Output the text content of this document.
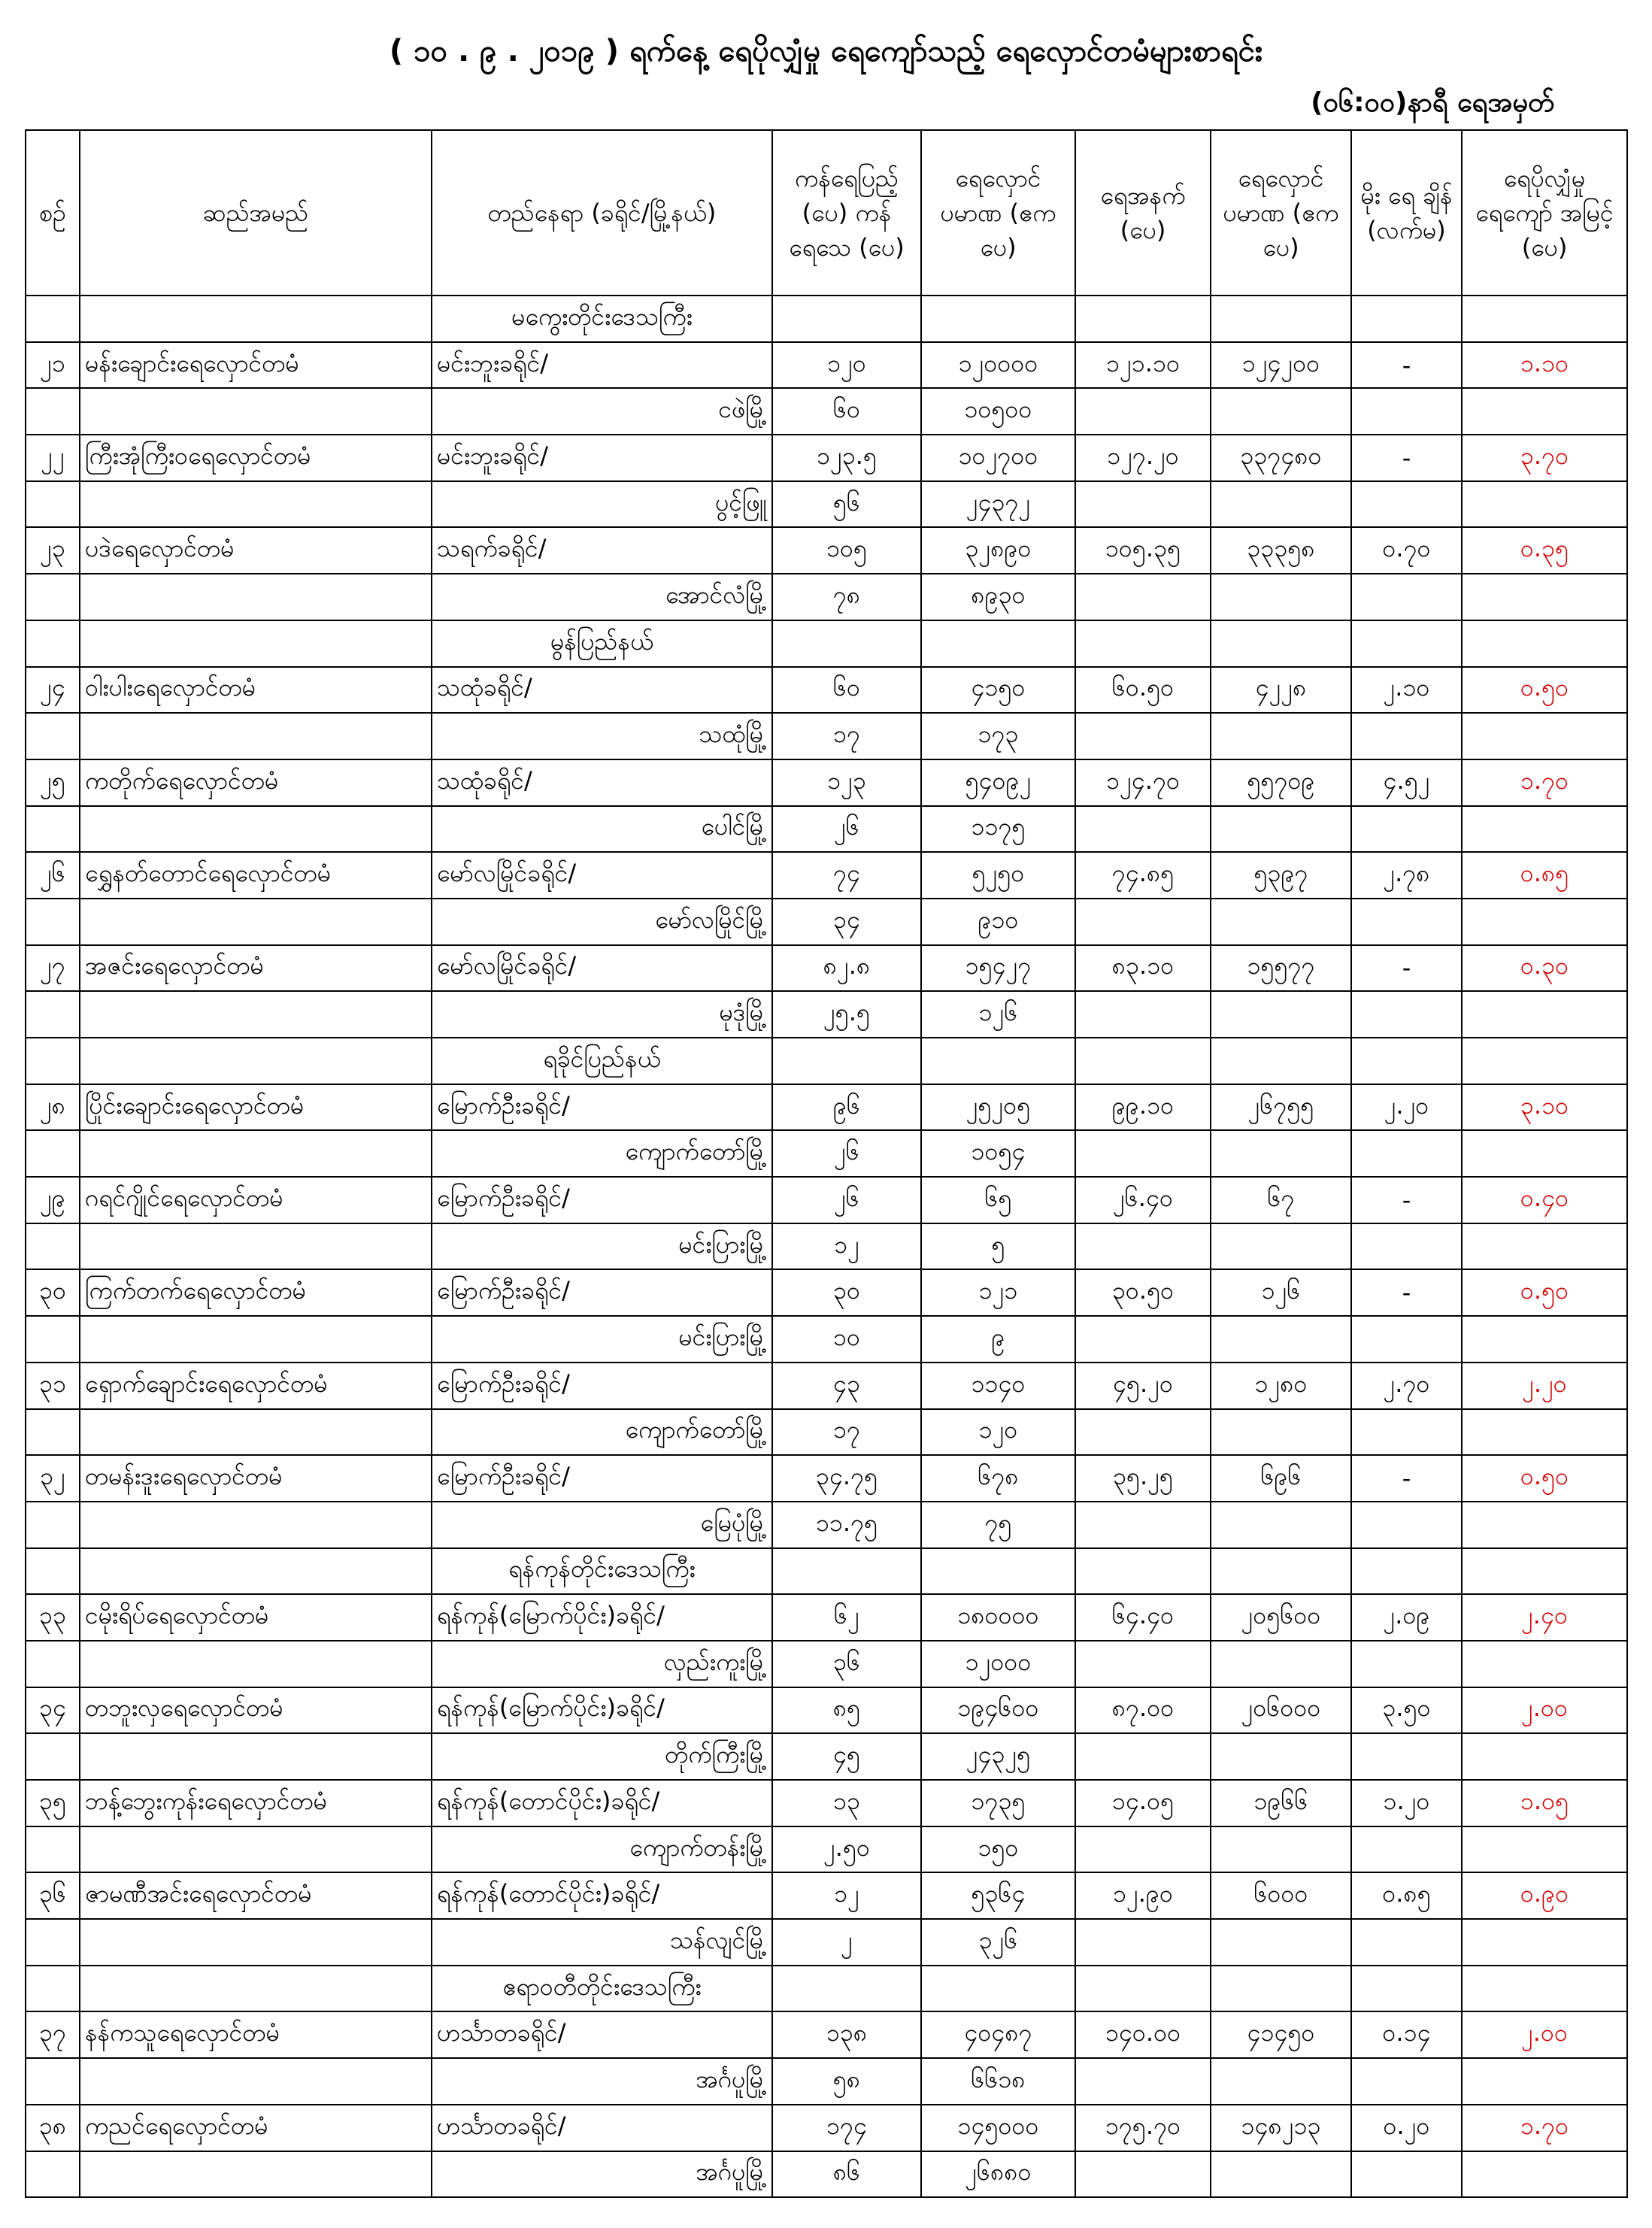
( ၁၀ . ၉ . ၂၀၁၉ ) ရက်နေ့ ရေပိုလျှံမှု ရေကျော်သည့် ရေလှောင်တမံများစာရင်း
(၀၆:၀၀)နာရီ ရေအမှတ်
စဉ်	ဆည်အမည်	တည်နေရာ (ခရိုင်/မြို့နယ်)	ကန်ရေပြည့် (ပေ) ကန်ရေသေ (ပေ)	ရေလှောင် ပမာဏ (ဧကပေ)	ရေအနက် (ပေ)	ရေလှောင် ပမာဏ (ဧကပေ)	မိုး ရေ ချိန် (လက်မ)	ရေပိုလျှံမှု ရေကျော် အမြင့် (ပေ)
		မကွေးတိုင်းဒေသကြီး						
၂၁	မန်းချောင်းရေလှောင်တမံ	မင်းဘူးခရိုင်/	၁၂၀	၁၂၀၀၀၀	၁၂၁.၁၀	၁၂၄၂၀၀	-	၁.၁၀
		ငဖဲမြို့	၆၀	၁၀၅၀၀				
၂၂	ကြီးအုံကြီးဝရေလှောင်တမံ	မင်းဘူးခရိုင်/	၁၂၃.၅	၁၀၂၇၀၀	၁၂၇.၂၀	၃၃၇၄၈၀	-	၃.၇၀
		ပွင့်ဖြူ	၅၆	၂၄၃၇၂				
၂၃	ပဒဲရေလှောင်တမံ	သရက်ခရိုင်/	၁၀၅	၃၂၈၉၀	၁၀၅.၃၅	၃၃၃၅၈	၀.၇၀	၀.၃၅
		အောင်လံမြို့	၇၈	၈၉၃၀				
		မွန်ပြည်နယ်						
၂၄	ဝါးပါးရေလှောင်တမံ	သထုံခရိုင်/	၆၀	၄၁၅၀	၆၀.၅၀	၄၂၂၈	၂.၁၀	၀.၅၀
		သထုံမြို့	၁၇	၁၇၃				
၂၅	ကတိုက်ရေလှောင်တမံ	သထုံခရိုင်/	၁၂၃	၅၄၀၉၂	၁၂၄.၇၀	၅၅၇၀၉	၄.၅၂	၁.၇၀
		ပေါင်မြို့	၂၆	၁၁၇၅				
၂၆	ရွှေနတ်တောင်ရေလှောင်တမံ	မော်လမြိုင်ခရိုင်/	၇၄	၅၂၅၀	၇၄.၈၅	၅၃၉၇	၂.၇၈	၀.၈၅
		မော်လမြိုင်မြို့	၃၄	၉၁၀				
၂၇	အဇင်းရေလှောင်တမံ	မော်လမြိုင်ခရိုင်/	၈၂.၈	၁၅၄၂၇	၈၃.၁၀	၁၅၅၇၇	-	၀.၃၀
		မုဒုံမြို့	၂၅.၅	၁၂၆				
		ရခိုင်ပြည်နယ်						
၂၈	ပြိုင်းချောင်းရေလှောင်တမံ	မြောက်ဦးခရိုင်/	၉၆	၂၅၂၀၅	၉၉.၁၀	၂၆၇၅၅	၂.၂၀	၃.၁၀
		ကျောက်တော်မြို့	၂၆	၁၀၅၄				
၂၉	ဂရင်ဂျိုင်ရေလှောင်တမံ	မြောက်ဦးခရိုင်/	၂၆	၆၅	၂၆.၄၀	၆၇	-	၀.၄၀
		မင်းပြားမြို့	၁၂	၅				
၃၀	ကြက်တက်ရေလှောင်တမံ	မြောက်ဦးခရိုင်/	၃၀	၁၂၁	၃၀.၅၀	၁၂၆	-	၀.၅၀
		မင်းပြားမြို့	၁၀	၉				
၃၁	ရှောက်ချောင်းရေလှောင်တမံ	မြောက်ဦးခရိုင်/	၄၃	၁၁၄၀	၄၅.၂၀	၁၂၈၀	၂.၇၀	၂.၂၀
		ကျောက်တော်မြို့	၁၇	၁၂၀				
၃၂	တမန်းဒူးရေလှောင်တမံ	မြောက်ဦးခရိုင်/	၃၄.၇၅	၆၇၈	၃၅.၂၅	၆၉၆	-	၀.၅၀
		မြေပုံမြို့	၁၁.၇၅	၇၅				
		ရန်ကုန်တိုင်းဒေသကြီး						
၃၃	ငမိုးရိပ်ရေလှောင်တမံ	ရန်ကုန်(မြောက်ပိုင်း)ခရိုင်/	၆၂	၁၈၀၀၀၀	၆၄.၄၀	၂၀၅၆၀၀	၂.၀၉	၂.၄၀
		လှည်းကူးမြို့	၃၆	၁၂၀၀၀				
၃၄	တဘူးလှရေလှောင်တမံ	ရန်ကုန်(မြောက်ပိုင်း)ခရိုင်/	၈၅	၁၉၄၆၀၀	၈၇.၀၀	၂၀၆၀၀၀	၃.၅၀	၂.၀၀
		တိုက်ကြီးမြို့	၄၅	၂၄၃၂၅				
၃၅	ဘန့်ဘွေးကုန်းရေလှောင်တမံ	ရန်ကုန်(တောင်ပိုင်း)ခရိုင်/	၁၃	၁၇၃၅	၁၄.၀၅	၁၉၆၆	၁.၂၀	၁.၀၅
		ကျောက်တန်းမြို့	၂.၅၀	၁၅၀				
၃၆	ဇာမဏီအင်းရေလှောင်တမံ	ရန်ကုန်(တောင်ပိုင်း)ခရိုင်/	၁၂	၅၃၆၄	၁၂.၉၀	၆၀၀၀	၀.၈၅	၀.၉၀
		သန်လျင်မြို့	၂	၃၂၆				
		ဧရာဝတီတိုင်းဒေသကြီး						
၃၇	နန်ကသူရေလှောင်တမံ	ဟင်္သာတခရိုင်/	၁၃၈	၄၀၄၈၇	၁၄၀.၀၀	၄၁၄၅၀	၀.၁၄	၂.၀၀
		အင်္ဂပူမြို့	၅၈	၆၆၁၈				
၃၈	ကညင်ရေလှောင်တမံ	ဟင်္သာတခရိုင်/	၁၇၄	၁၄၅၀၀၀	၁၇၅.၇၀	၁၄၈၂၁၃	၀.၂၀	၁.၇၀
		အင်္ဂပူမြို့	၈၆	၂၆၈၈၀				
